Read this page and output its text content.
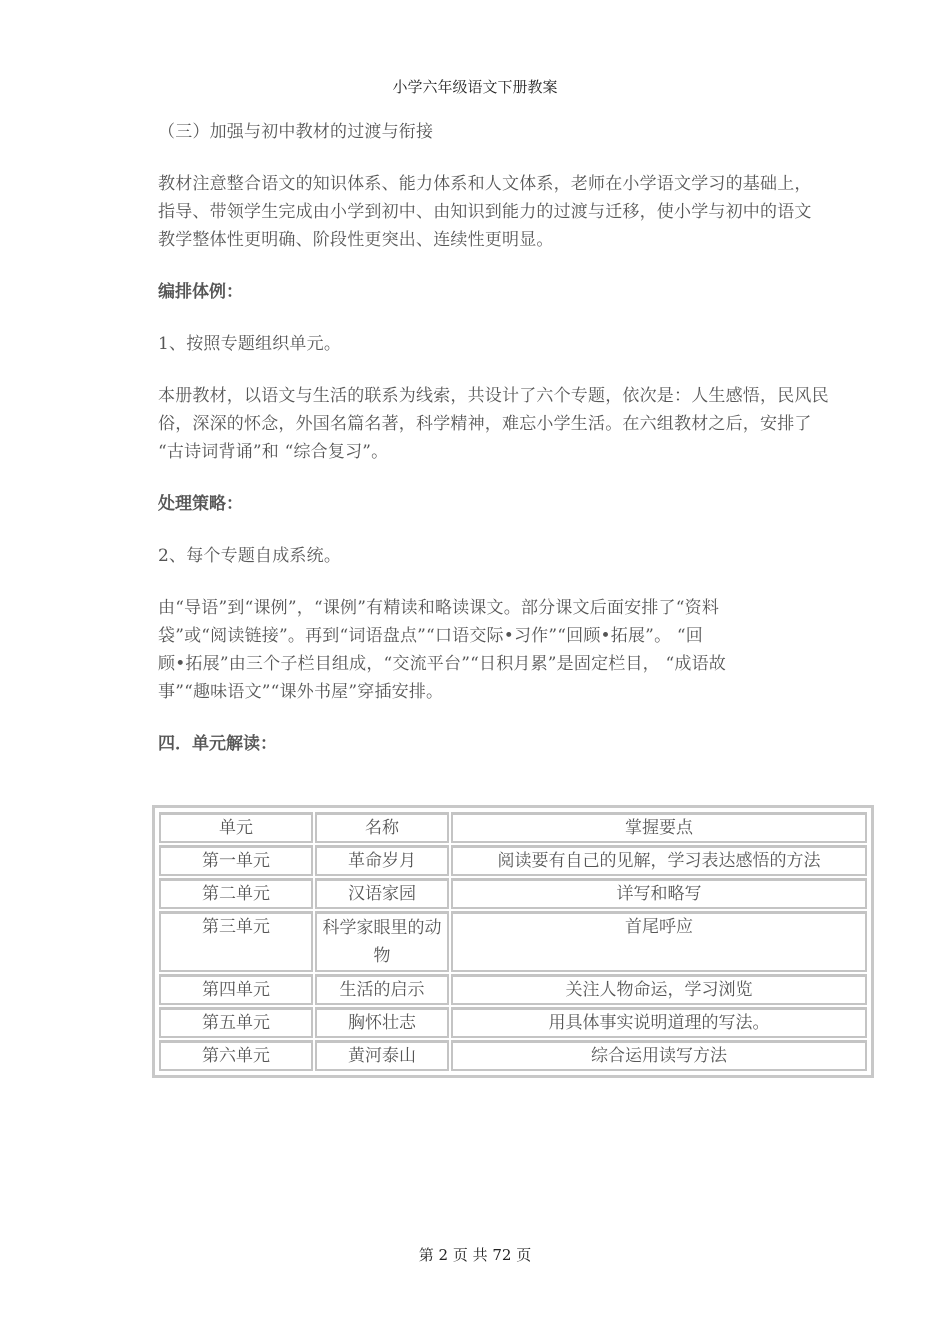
小学六年级语文下册教案

（三）加强与初中教材的过渡与衔接

教材注意整合语文的知识体系、能力体系和人文体系，老师在小学语文学习的基础上，

指导、带领学生完成由小学到初中、由知识到能力的过渡与迁移，使小学与初中的语文

教学整体性更明确、阶段性更突出、连续性更明显。

编排体例：

1、按照专题组织单元。

本册教材，以语文与生活的联系为线索，共设计了六个专题，依次是：人生感悟，民风民

俗，深深的怀念，外国名篇名著，科学精神，难忘小学生活。在六组教材之后，安排了

“古诗词背诵”和 “综合复习”。

处理策略：

2、每个专题自成系统。

由“导语”到“课例”，“课例”有精读和略读课文。部分课文后面安排了“资料

袋”或“阅读链接”。再到“词语盘点”“口语交际•习作”“回顾•拓展”。 “回

顾•拓展”由三个子栏目组成，“交流平台”“日积月累”是固定栏目， “成语故

事”“趣味语文”“课外书屋”穿插安排。

四．单元解读：

单元	名称	掌握要点
第一单元	革命岁月	阅读要有自己的见解，学习表达感悟的方法
第二单元	汉语家园	详写和略写
第三单元	科学家眼里的动物	首尾呼应
第四单元	生活的启示	关注人物命运，学习浏览
第五单元	胸怀壮志	用具体事实说明道理的写法。
第六单元	黄河泰山	综合运用读写方法
第 2 页 共 72 页
